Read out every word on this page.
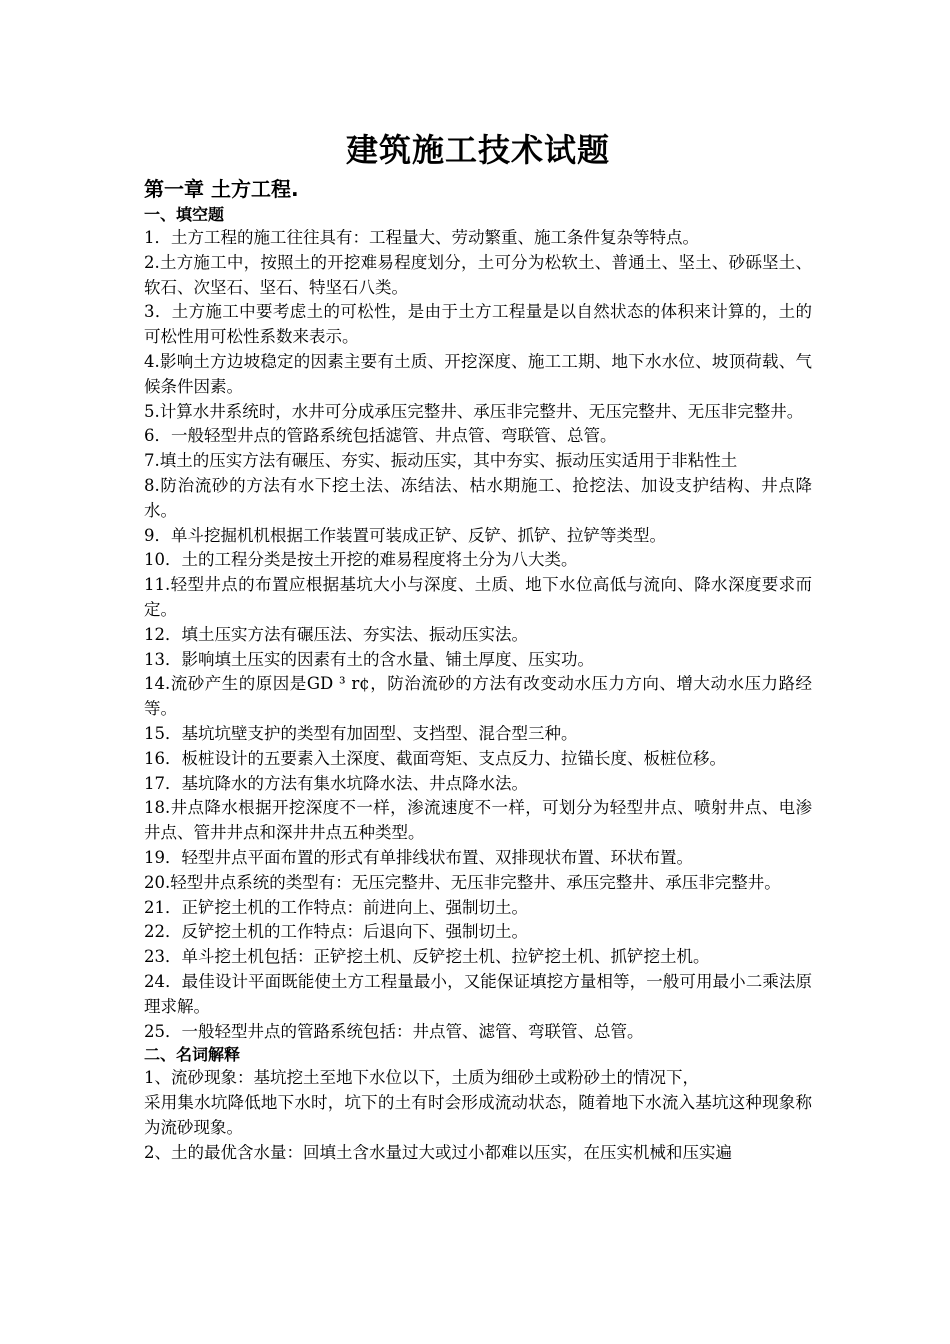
建筑施工技术试题
第一章 土方工程.
一、填空题
1．土方工程的施工往往具有：工程量大、劳动繁重、施工条件复杂等特点。
2.土方施工中，按照土的开挖难易程度划分，土可分为松软土、普通土、坚土、砂砾坚土、软石、次坚石、坚石、特坚石八类。
3．土方施工中要考虑土的可松性，是由于土方工程量是以自然状态的体积来计算的，土的可松性用可松性系数来表示。
4.影响土方边坡稳定的因素主要有土质、开挖深度、施工工期、地下水水位、坡顶荷载、气候条件因素。
5.计算水井系统时，水井可分成承压完整井、承压非完整井、无压完整井、无压非完整井。
6．一般轻型井点的管路系统包括滤管、井点管、弯联管、总管。
7.填土的压实方法有碾压、夯实、振动压实，其中夯实、振动压实适用于非粘性土
8.防治流砂的方法有水下挖土法、冻结法、枯水期施工、抢挖法、加设支护结构、井点降水。
9．单斗挖掘机机根据工作装置可装成正铲、反铲、抓铲、拉铲等类型。
10．土的工程分类是按土开挖的难易程度将土分为八大类。
11.轻型井点的布置应根据基坑大小与深度、土质、地下水位高低与流向、降水深度要求而定。
12．填土压实方法有碾压法、夯实法、振动压实法。
13．影响填土压实的因素有土的含水量、铺土厚度、压实功。
14.流砂产生的原因是GD ³ r¢，防治流砂的方法有改变动水压力方向、增大动水压力路经等。
15．基坑坑壁支护的类型有加固型、支挡型、混合型三种。
16．板桩设计的五要素入土深度、截面弯矩、支点反力、拉锚长度、板桩位移。
17．基坑降水的方法有集水坑降水法、井点降水法。
18.井点降水根据开挖深度不一样，渗流速度不一样，可划分为轻型井点、喷射井点、电渗井点、管井井点和深井井点五种类型。
19．轻型井点平面布置的形式有单排线状布置、双排现状布置、环状布置。
20.轻型井点系统的类型有：无压完整井、无压非完整井、承压完整井、承压非完整井。
21．正铲挖土机的工作特点：前进向上、强制切土。
22．反铲挖土机的工作特点：后退向下、强制切土。
23．单斗挖土机包括：正铲挖土机、反铲挖土机、拉铲挖土机、抓铲挖土机。
24．最佳设计平面既能使土方工程量最小，又能保证填挖方量相等，一般可用最小二乘法原理求解。
25．一般轻型井点的管路系统包括：井点管、滤管、弯联管、总管。
二、名词解释
1、流砂现象：基坑挖土至地下水位以下，土质为细砂土或粉砂土的情况下，
采用集水坑降低地下水时，坑下的土有时会形成流动状态，随着地下水流入基坑这种现象称为流砂现象。
2、土的最优含水量：回填土含水量过大或过小都难以压实，在压实机械和压实遍
